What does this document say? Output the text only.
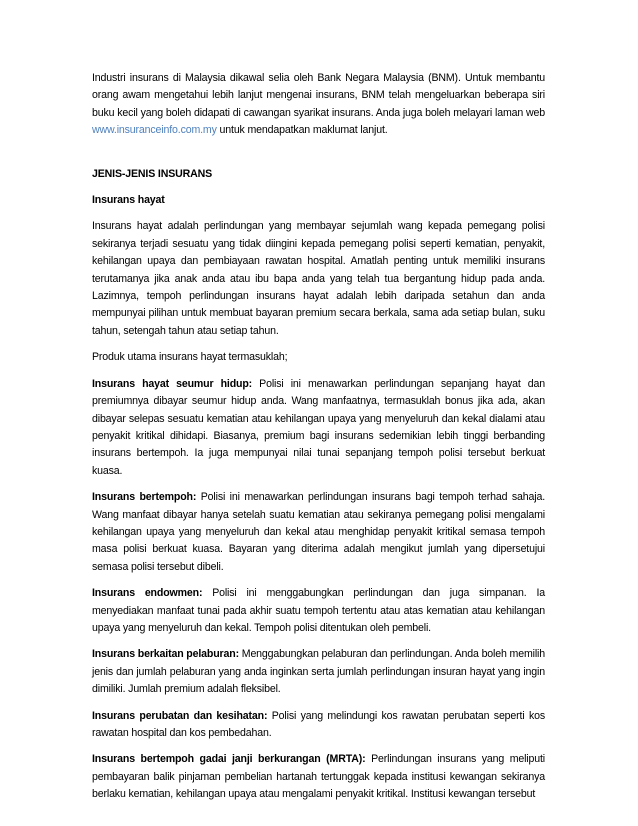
Industri insurans di Malaysia dikawal selia oleh Bank Negara Malaysia (BNM). Untuk membantu orang awam mengetahui lebih lanjut mengenai insurans, BNM telah mengeluarkan beberapa siri buku kecil yang boleh didapati di cawangan syarikat insurans. Anda juga boleh melayari laman web www.insuranceinfo.com.my untuk mendapatkan maklumat lanjut.

JENIS-JENIS INSURANS
Insurans hayat

Insurans hayat adalah perlindungan yang membayar sejumlah wang kepada pemegang polisi sekiranya terjadi sesuatu yang tidak diingini kepada pemegang polisi seperti kematian, penyakit, kehilangan upaya dan pembiayaan rawatan hospital. Amatlah penting untuk memiliki insurans terutamanya jika anak anda atau ibu bapa anda yang telah tua bergantung hidup pada anda. Lazimnya, tempoh perlindungan insurans hayat adalah lebih daripada setahun dan anda mempunyai pilihan untuk membuat bayaran premium secara berkala, sama ada setiap bulan, suku tahun, setengah tahun atau setiap tahun.

Produk utama insurans hayat termasuklah;

Insurans hayat seumur hidup: Polisi ini menawarkan perlindungan sepanjang hayat dan premiumnya dibayar seumur hidup anda. Wang manfaatnya, termasuklah bonus jika ada, akan dibayar selepas sesuatu kematian atau kehilangan upaya yang menyeluruh dan kekal dialami atau penyakit kritikal dihidapi. Biasanya, premium bagi insurans sedemikian lebih tinggi berbanding insurans bertempoh. Ia juga mempunyai nilai tunai sepanjang tempoh polisi tersebut berkuat kuasa.

Insurans bertempoh: Polisi ini menawarkan perlindungan insurans bagi tempoh terhad sahaja. Wang manfaat dibayar hanya setelah suatu kematian atau sekiranya pemegang polisi mengalami kehilangan upaya yang menyeluruh dan kekal atau menghidap penyakit kritikal semasa tempoh masa polisi berkuat kuasa. Bayaran yang diterima adalah mengikut jumlah yang dipersetujui semasa polisi tersebut dibeli.

Insurans endowmen: Polisi ini menggabungkan perlindungan dan juga simpanan. Ia menyediakan manfaat tunai pada akhir suatu tempoh tertentu atau atas kematian atau kehilangan upaya yang menyeluruh dan kekal. Tempoh polisi ditentukan oleh pembeli.

Insurans berkaitan pelaburan: Menggabungkan pelaburan dan perlindungan. Anda boleh memilih jenis dan jumlah pelaburan yang anda inginkan serta jumlah perlindungan insuran hayat yang ingin dimiliki. Jumlah premium adalah fleksibel.

Insurans perubatan dan kesihatan: Polisi yang melindungi kos rawatan perubatan seperti kos rawatan hospital dan kos pembedahan.

Insurans bertempoh gadai janji berkurangan (MRTA): Perlindungan insurans yang meliputi pembayaran balik pinjaman pembelian hartanah tertunggak kepada institusi kewangan sekiranya berlaku kematian, kehilangan upaya atau mengalami penyakit kritikal. Institusi kewangan tersebut
